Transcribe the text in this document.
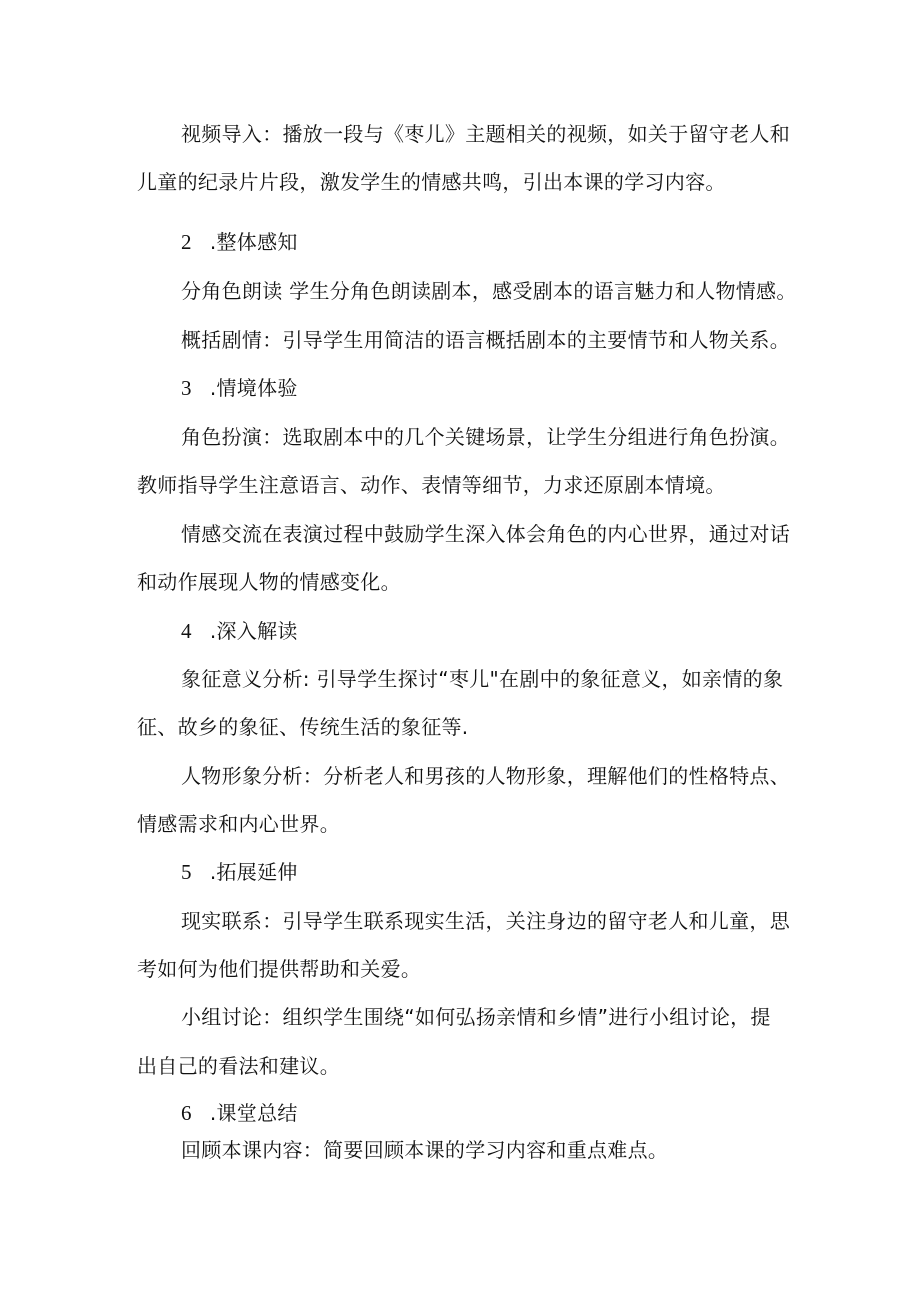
视频导入：播放一段与《枣儿》主题相关的视频，如关于留守老人和
儿童的纪录片片段，激发学生的情感共鸣，引出本课的学习内容。
2 .整体感知
分角色朗读 学生分角色朗读剧本，感受剧本的语言魅力和人物情感。
概括剧情：引导学生用简洁的语言概括剧本的主要情节和人物关系。
3 .情境体验
角色扮演：选取剧本中的几个关键场景，让学生分组进行角色扮演。
教师指导学生注意语言、动作、表情等细节，力求还原剧本情境。
情感交流在表演过程中鼓励学生深入体会角色的内心世界，通过对话
和动作展现人物的情感变化。
4 .深入解读
象征意义分析: 引导学生探讨“枣儿"在剧中的象征意义，如亲情的象
征、故乡的象征、传统生活的象征等.
人物形象分析：分析老人和男孩的人物形象，理解他们的性格特点、
情感需求和内心世界。
5 .拓展延伸
现实联系：引导学生联系现实生活，关注身边的留守老人和儿童，思
考如何为他们提供帮助和关爱。
小组讨论：组织学生围绕“如何弘扬亲情和乡情”进行小组讨论，提
出自己的看法和建议。
6 .课堂总结
回顾本课内容：简要回顾本课的学习内容和重点难点。
